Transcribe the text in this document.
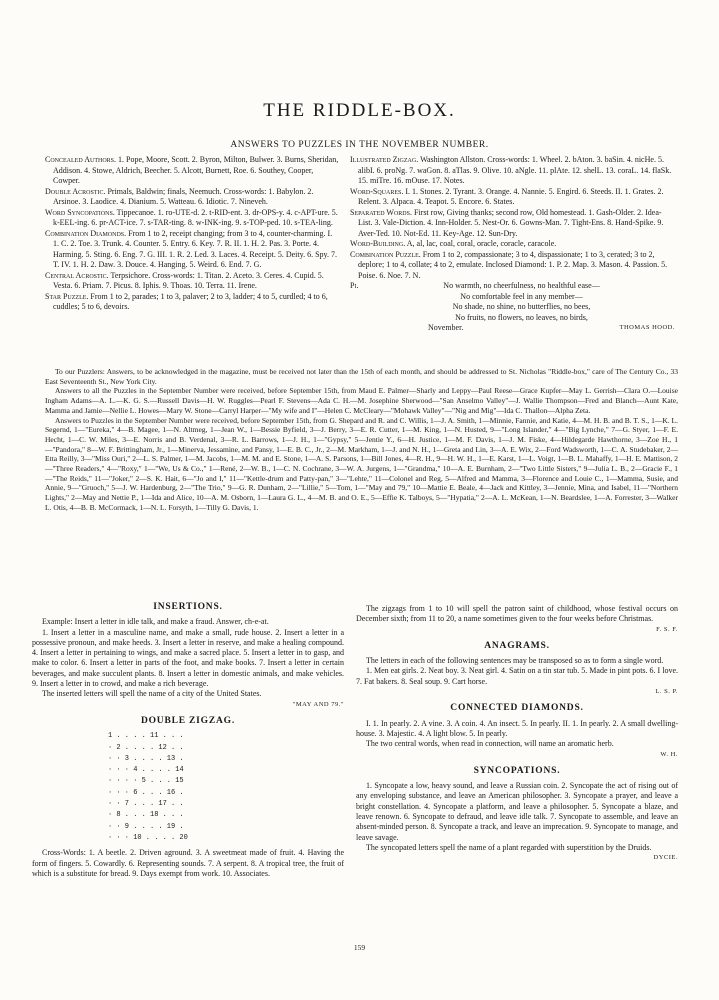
THE RIDDLE-BOX.
ANSWERS TO PUZZLES IN THE NOVEMBER NUMBER.

Concealed Authors. 1. Pope, Moore, Scott. 2. Byron, Milton, Bulwer. 3. Burns, Sheridan, Addison. 4. Stowe, Aldrich, Beecher. 5. Alcott, Burnett, Roe. 6. Southey, Cooper, Cowper.

Double Acrostic. Primals, Baldwin; finals, Neemuch. Cross-words: 1. Babylon. 2. Arsinoe. 3. Laodice. 4. Dianium. 5. Watteau. 6. Idiotic. 7. Nineveh.

Word Syncopations. Tippecanoe. 1. ro-UTE-d. 2. t-RID-ent. 3. dr-OPS-y. 4. c-APT-ure. 5. k-EEL-ing. 6. pr-ACT-ice. 7. s-TAR-ting. 8. w-INK-ing. 9. s-TOP-ped. 10. s-TEA-ling.

Combination Diamonds. From 1 to 2, receipt changing; from 3 to 4, counter-charming. I. 1. C. 2. Toe. 3. Trunk. 4. Counter. 5. Entry. 6. Key. 7. R. II. 1. H. 2. Pas. 3. Porte. 4. Harming. 5. Sting. 6. Eng. 7. G. III. 1. R. 2. Led. 3. Laces. 4. Receipt. 5. Deity. 6. Spy. 7. T. IV. 1. H. 2. Daw. 3. Douce. 4. Hanging. 5. Weird. 6. End. 7. G.

Central Acrostic. Terpsichore. Cross-words: 1. Titan. 2. Aceto. 3. Ceres. 4. Cupid. 5. Vesta. 6. Priam. 7. Picus. 8. Iphis. 9. Thoas. 10. Terra. 11. Irene.

Star Puzzle. From 1 to 2, parades; 1 to 3, palaver; 2 to 3, ladder; 4 to 5, curdled; 4 to 6, cuddles; 5 to 6, devoirs.

Illustrated Zigzag. Washington Allston. Cross-words: 1. Wheel. 2. bAton. 3. baSin. 4. nicHe. 5. alibI. 6. proNg. 7. waGon. 8. aTlas. 9. Olive. 10. aNgle. 11. plAte. 12. shelL. 13. coraL. 14. flaSk. 15. miTre. 16. mOuse. 17. Notes.

Word-Squares. I. 1. Stones. 2. Tyrant. 3. Orange. 4. Nannie. 5. Engird. 6. Steeds. II. 1. Grates. 2. Relent. 3. Alpaca. 4. Teapot. 5. Encore. 6. States.

Separated Words. First row, Giving thanks; second row, Old homestead. 1. Gash-Older. 2. Idea-List. 3. Vale-Diction. 4. Inn-Holder. 5. Nest-Or. 6. Gowns-Man. 7. Tight-Ens. 8. Hand-Spike. 9. Aver-Ted. 10. Not-Ed. 11. Key-Age. 12. Sun-Dry.

Word-Building. A, al, lac, coal, coral, oracle, coracle, caracole.

Combination Puzzle. From 1 to 2, compassionate; 3 to 4, dispassionate; 1 to 3, cerated; 3 to 2, deplore; 1 to 4, collate; 4 to 2, emulate. Inclosed Diamond: 1. P. 2. Map. 3. Mason. 4. Passion. 5. Poise. 6. Noe. 7. N.

Pi.	No warmth, no cheerfulness, no healthful ease—
No comfortable feel in any member—
No shade, no shine, no butterflies, no bees,
No fruits, no flowers, no leaves, no birds,
November.	THOMAS HOOD.

To our Puzzlers: Answers, to be acknowledged in the magazine, must be received not later than the 15th of each month, and should be addressed to St. Nicholas "Riddle-box," care of The Century Co., 33 East Seventeenth St., New York City.

Answers to all the Puzzles in the September Number were received, before September 15th, from Maud E. Palmer—Sharly and Leppy—Paul Reese—Grace Kupfer—May L. Gerrish—Clara O.—Louise Ingham Adams—A. L.—K. G. S.—Russell Davis—H. W. Ruggles—Pearl F. Stevens—Ada C. H.—M. Josephine Sherwood—"San Anselmo Valley"—J. Wallie Thompson—Fred and Blanch—Aunt Kate, Mamma and Jamie—Nellie L. Howes—Mary W. Stone—Carryl Harper—"My wife and I"—Helen C. McCleary—"Mohawk Valley"—"Nig and Mig"—Ida C. Thallon—Alpha Zeta.

Answers to Puzzles in the September Number were received, before September 15th, from G. Shepard and R. and C. Willis, 1—J. A. Smith, 1—Minnie, Fannie, and Katie, 4—M. H. B. and B. T. S., 1—K. L. Segernd, 1—"Eureka," 4—B. Magee, 1—N. Altmeg, 1—Jean W., 1—Bessie Byfield, 3—J. Berry, 3—E. R. Cutter, 1—M. King, 1—N. Husted, 9—"Long Islander," 4—"Big Lynche," 7—G. Styer, 1—F. E. Hecht, 1—C. W. Miles, 3—E. Norris and B. Verdenal, 3—R. L. Barrows, 1—J. H., 1—"Gypsy," 5—Jentie Y., 6—H. Justice, 1—M. F. Davis, 1—J. M. Fiske, 4—Hildegarde Hawthorne, 3—Zoe H., 1—"Pandora," 8—W. F. Brittingham, Jr., 1—Minerva, Jessamine, and Pansy, 1—E. B. C., Jr., 2—M. Markham, 1—J. and N. H., 1—Greta and Lin, 3—A. E. Wix, 2—Ford Wadsworth, 1—C. A. Studebaker, 2—Etta Reilly, 3—"Miss Ouri," 2—L. S. Palmer, 1—M. Jacobs, 1—M. M. and E. Stone, 1—A. S. Parsons, 1—Bill Jones, 4—R. H., 9—H. W. H., 1—E. Karst, 1—L. Voigt, 1—B. L. Mahaffy, 1—H. E. Mattison, 2—"Three Readers," 4—"Roxy," 1—"We, Us & Co.," 1—René, 2—W. B., 1—C. N. Cochrane, 3—W. A. Jurgens, 1—"Grandma," 10—A. E. Burnham, 2—"Two Little Sisters," 9—Julia L. B., 2—Gracie F., 1—"The Reids," 11—"Joker," 2—S. K. Hait, 6—"Jo and I," 11—"Kettle-drum and Patty-pan," 3—"Lehte," 11—Colonel and Reg, 5—Alfred and Mamma, 3—Florence and Louie C., 1—Mamma, Susie, and Annie, 9—"Gruoch," 5—J. W. Hardenburg, 2—"The Trio," 9—G. R. Dunham, 2—"Lillie," 5—Tom, 1—"May and 79," 10—Mattie E. Beale, 4—Jack and Kittley, 3—Jennie, Mina, and Isabel, 11—"Northern Lights," 2—May and Nettie P., 1—Ida and Alice, 10—A. M. Osborn, 1—Laura G. L., 4—M. B. and O. E., 5—Effie K. Talboys, 5—"Hypatia," 2—A. L. McKean, 1—N. Beardslee, 1—A. Forrester, 3—Walker L. Otis, 4—B. B. McCormack, 1—N. L. Forsyth, 1—Tilly G. Davis, 1.

INSERTIONS.

Example: Insert a letter in idle talk, and make a fraud. Answer, ch-e-at.

1. Insert a letter in a masculine name, and make a small, rude house. 2. Insert a letter in a possessive pronoun, and make heeds. 3. Insert a letter in reserve, and make a healing compound. 4. Insert a letter in pertaining to wings, and make a sacred place. 5. Insert a letter in to gasp, and make to color. 6. Insert a letter in parts of the foot, and make books. 7. Insert a letter in certain beverages, and make succulent plants. 8. Insert a letter in domestic animals, and make vehicles. 9. Insert a letter in to crowd, and make a rich beverage.

The inserted letters will spell the name of a city of the United States.

"MAY AND 79."
DOUBLE ZIGZAG.
1 . . . . 11 . . .
· 2 . . . . 12 . .
· · 3 . . . . 13 .
· · · 4 . . . . 14
· · · · 5 . . . 15
· · · 6 . . . 16 .
· · 7 . . . 17 . .
· 8 . . . 18 . . .
· · 9 . . . . 19 .
· · · 10 . . . . 20

Cross-Words: 1. A beetle. 2. Driven aground. 3. A sweetmeat made of fruit. 4. Having the form of fingers. 5. Cowardly. 6. Representing sounds. 7. A serpent. 8. A tropical tree, the fruit of which is a substitute for bread. 9. Days exempt from work. 10. Associates.

The zigzags from 1 to 10 will spell the patron saint of childhood, whose festival occurs on December sixth; from 11 to 20, a name sometimes given to the four weeks before Christmas.

F. S. F.
ANAGRAMS.

The letters in each of the following sentences may be transposed so as to form a single word.

1. Men eat girls. 2. Neat boy. 3. Neat girl. 4. Satin on a tin star tub. 5. Made in pint pots. 6. I love. 7. Fat bakers. 8. Seal soup. 9. Cart horse.

L. S. P.
CONNECTED DIAMONDS.

I. 1. In pearly. 2. A vine. 3. A coin. 4. An insect. 5. In pearly. II. 1. In pearly. 2. A small dwelling-house. 3. Majestic. 4. A light blow. 5. In pearly.

The two central words, when read in connection, will name an aromatic herb.

W. H.
SYNCOPATIONS.

1. Syncopate a low, heavy sound, and leave a Russian coin. 2. Syncopate the act of rising out of any enveloping substance, and leave an American philosopher. 3. Syncopate a prayer, and leave a bright constellation. 4. Syncopate a platform, and leave a philosopher. 5. Syncopate a blaze, and leave renown. 6. Syncopate to defraud, and leave idle talk. 7. Syncopate to assemble, and leave an absent-minded person. 8. Syncopate a track, and leave an imprecation. 9. Syncopate to manage, and leave savage.

The syncopated letters spell the name of a plant regarded with superstition by the Druids.

DYCIE.
159
